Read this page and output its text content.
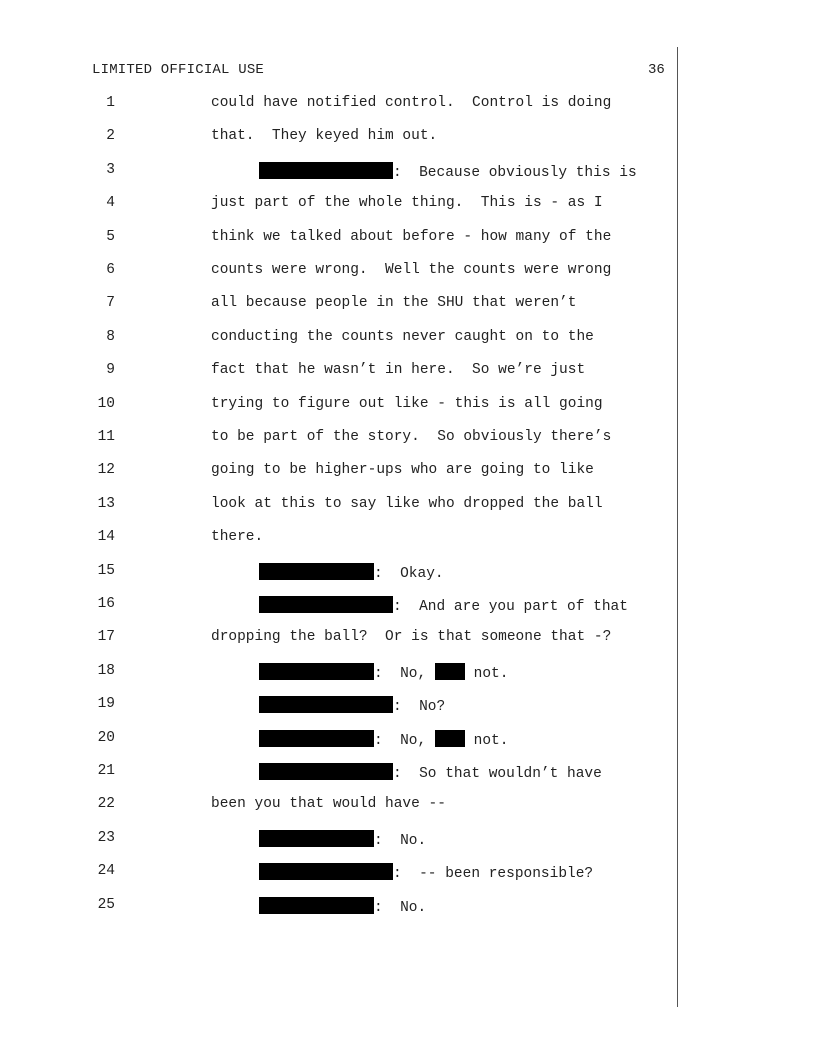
LIMITED OFFICIAL USE	36
1	could have notified control.  Control is doing
2	that.  They keyed him out.
3	:  Because obviously this is
4	just part of the whole thing.  This is - as I
5	think we talked about before - how many of the
6	counts were wrong.  Well the counts were wrong
7	all because people in the SHU that weren’t
8	conducting the counts never caught on to the
9	fact that he wasn’t in here.  So we’re just
10	trying to figure out like - this is all going
11	to be part of the story.  So obviously there’s
12	going to be higher-ups who are going to like
13	look at this to say like who dropped the ball
14	there.
15	:  Okay.
16	:  And are you part of that
17	dropping the ball?  Or is that someone that -?
18	:  No,  not.
19	:  No?
20	:  No,  not.
21	:  So that wouldn’t have
22	been you that would have --
23	:  No.
24	:  -- been responsible?
25	:  No.
